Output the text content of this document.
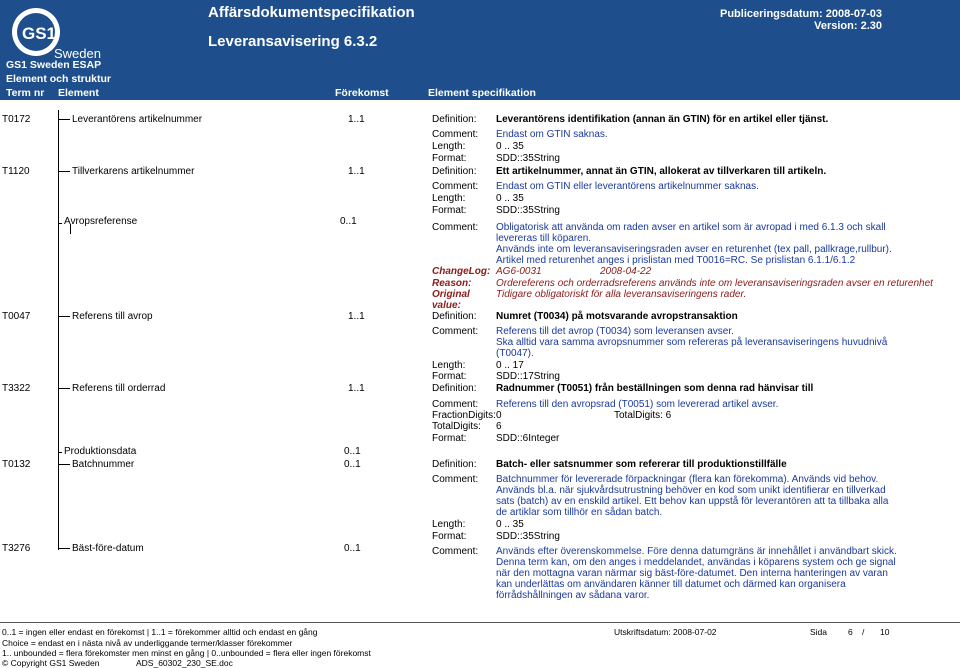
GS1
Sweden
GS1 Sweden ESAP
Affärsdokumentspecifikation
Leveransavisering 6.3.2
Publiceringsdatum: 2008-07-03
Version: 2.30
Element och struktur
Term nr Element	Förekomst	Element specifikation
T0172	Leverantörens artikelnummer	1..1	Definition: Leverantörens identifikation (annan än GTIN) för en artikel eller tjänst.
Comment: Endast om GTIN saknas.
Length:	0 .. 35
Format:	SDD::35String
T1120	Tillverkarens artikelnummer	1..1	Definition: Ett artikelnummer, annat än GTIN, allokerat av tillverkaren till artikeln.
Comment: Endast om GTIN eller leverantörens artikelnummer saknas.
Length:	0 .. 35
Format:	SDD::35String
Avropsreferense	0..1
Comment: Obligatorisk att använda om raden avser en artikel som är avropad i med 6.1.3 och skall
levereras till köparen.
Används inte om leveransaviseringsraden avser en returenhet (tex pall, pallkrage,rullbur).
Artikel med returenhet anges i prislistan med T0016=RC. Se prislistan 6.1.1/6.1.2
ChangeLog: AG6-0031	2008-04-22
Reason: Ordereferens och orderradsreferens används inte om leveransaviseringsraden avser en returenhet
Original	Tidigare obligatoriskt för alla leveransaviseringens rader.
value:
T0047	Referens till avrop	1..1	Definition: Numret (T0034) på motsvarande avropstransaktion
Comment: Referens till det avrop (T0034) som leveransen avser.
Ska alltid vara samma avropsnummer som refereras på leveransaviseringens huvudnivå
(T0047).
Length:	0 .. 17
Format:	SDD::17String
T3322	Referens till orderrad	1..1	Definition: Radnummer (T0051) från beställningen som denna rad hänvisar till
Comment: Referens till den avropsrad (T0051) som levererad artikel avser.
FractionDigits: 0	TotalDigits: 6
TotalDigits: 6
Format:	SDD::6Integer
Produktionsdata	0..1
T0132	Batchnummer	0..1	Definition: Batch- eller satsnummer som refererar till produktionstillfälle
Comment: Batchnummer för levererade förpackningar (flera kan förekomma). Används vid behov.
Används bl.a. när sjukvårdsutrustning behöver en kod som unikt identifierar en tillverkad
sats (batch) av en enskild artikel. Ett behov kan uppstå för leverantören att ta tillbaka alla
de artiklar som tillhör en sådan batch.
Length:	0 .. 35
Format:	SDD::35String
T3276	Bäst-före-datum	0..1	Comment: Används efter överenskommelse. Före denna datumgräns är innehållet i användbart skick.
Denna term kan, om den anges i meddelandet, användas i köparens system och ge signal
när den mottagna varan närmar sig bäst-före-datumet. Den interna hanteringen av varan
kan underlättas om användaren känner till datumet och därmed kan organisera
förrådshållningen av sådana varor.
0..1 = ingen eller endast en förekomst | 1..1 = förekommer alltid och endast en gång
Choice = endast en i nästa nivå av underliggande termer/klasser förekommer
1.. unbounded = flera förekomster men minst en gång | 0..unbounded = flera eller ingen förekomst
© Copyright GS1 Sweden	ADS_60302_230_SE.doc
Utskriftsdatum: 2008-07-02	Sida 6 / 10
